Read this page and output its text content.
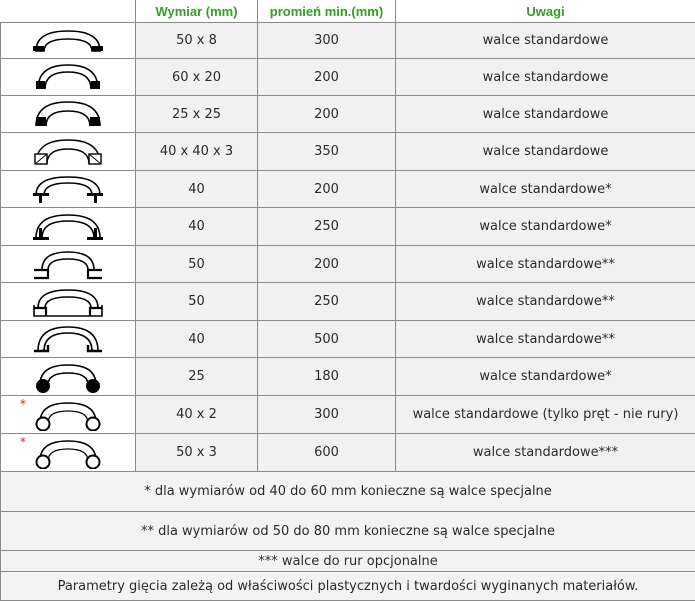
	Wymiar (mm)	promień min.(mm)	Uwagi

	50 x 8	300	walce standardowe

	60 x 20	200	walce standardowe

	25 x 25	200	walce standardowe

	40 x 40 x 3	350	walce standardowe

	40	200	walce standardowe*

	40	250	walce standardowe*

	50	200	walce standardowe**

	50	250	walce standardowe**

	40	500	walce standardowe**

	25	180	walce standardowe*

*	40 x 2	300	walce standardowe (tylko pręt - nie rury)

*	50 x 3	600	walce standardowe***
* dla wymiarów od 40 do 60 mm konieczne są walce specjalne			
** dla wymiarów od 50 do 80 mm konieczne są walce specjalne			
*** walce do rur opcjonalne			
Parametry gięcia zależą od właściwości plastycznych i twardości wyginanych materiałów.			
